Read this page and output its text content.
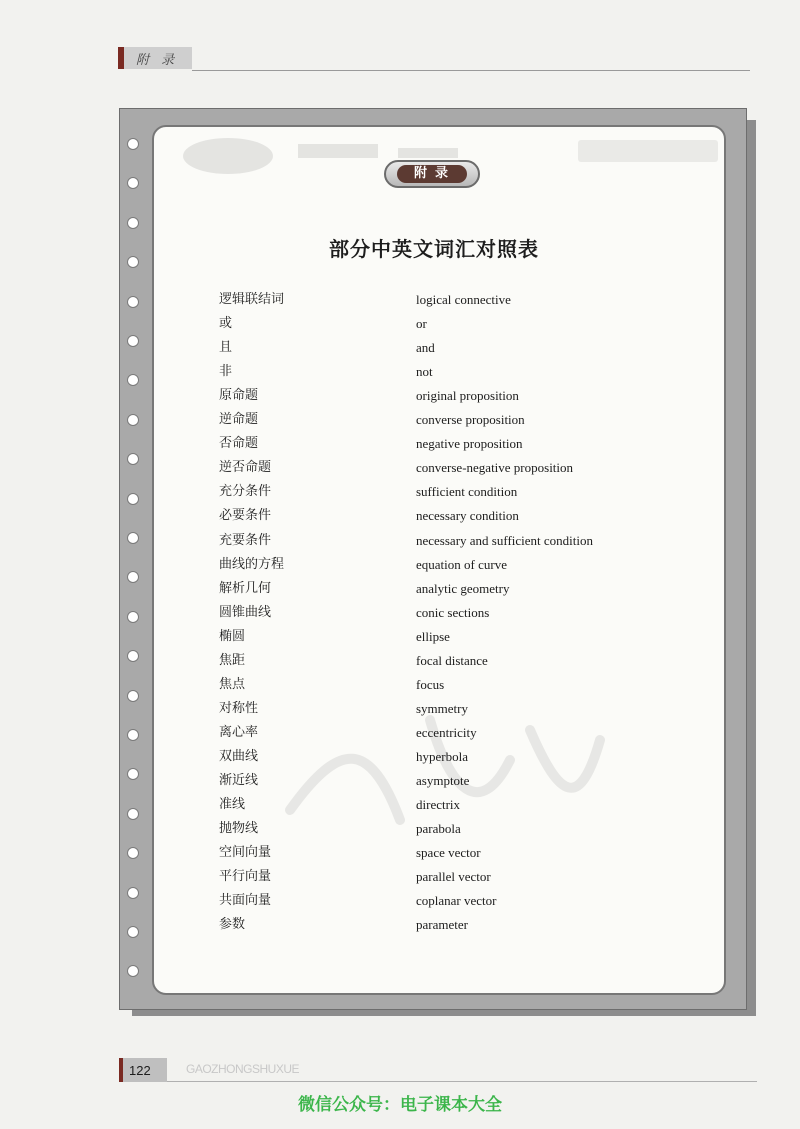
附 录
附录
部分中英文词汇对照表
逻辑联结词	logical connective
或	or
且	and
非	not
原命题	original proposition
逆命题	converse proposition
否命题	negative proposition
逆否命题	converse-negative proposition
充分条件	sufficient condition
必要条件	necessary condition
充要条件	necessary and sufficient condition
曲线的方程	equation of curve
解析几何	analytic geometry
圆锥曲线	conic sections
椭圆	ellipse
焦距	focal distance
焦点	focus
对称性	symmetry
离心率	eccentricity
双曲线	hyperbola
渐近线	asymptote
准线	directrix
抛物线	parabola
空间向量	space vector
平行向量	parallel vector
共面向量	coplanar vector
参数	parameter
122	GAOZHONGSHUXUE
微信公众号：电子课本大全
